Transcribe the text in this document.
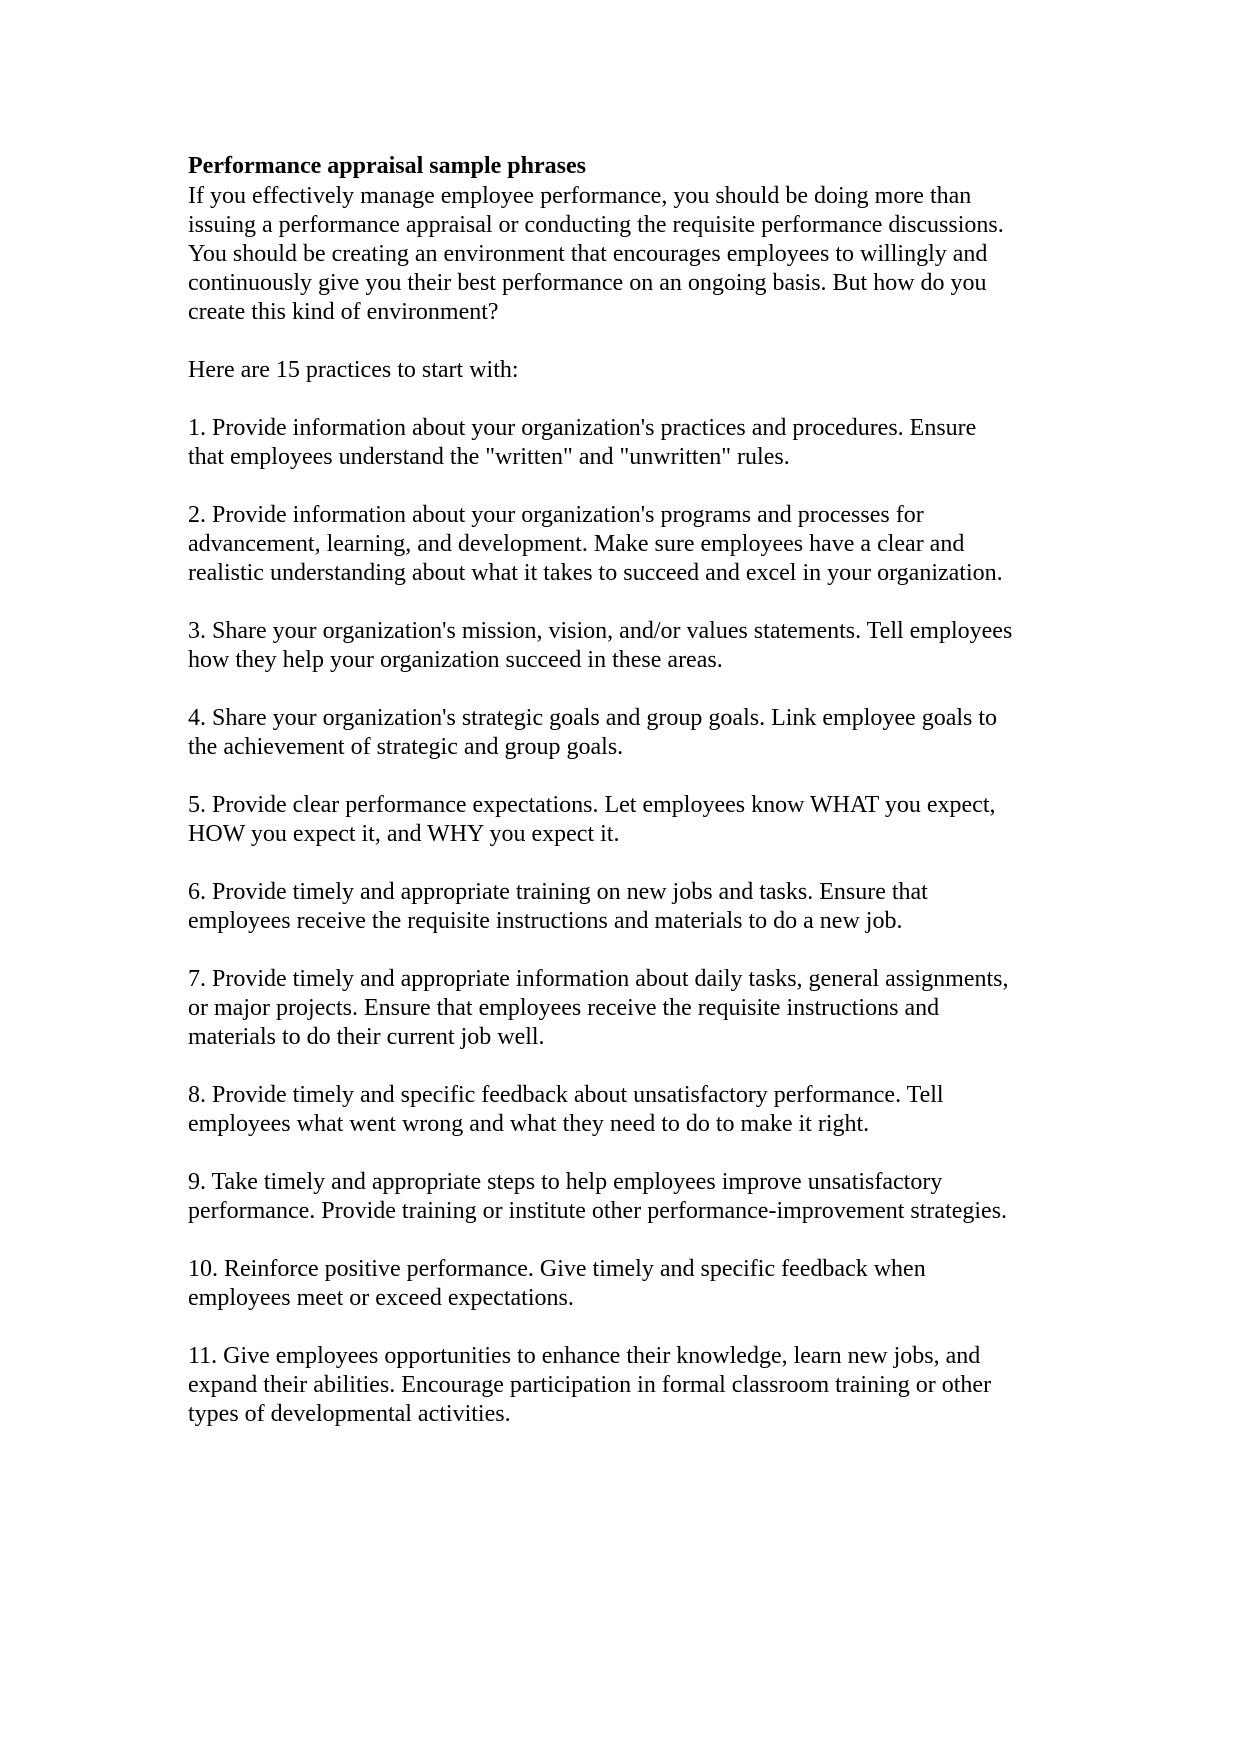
Performance appraisal sample phrases
If you effectively manage employee performance, you should be doing more than
issuing a performance appraisal or conducting the requisite performance discussions.
You should be creating an environment that encourages employees to willingly and
continuously give you their best performance on an ongoing basis. But how do you
create this kind of environment?
Here are 15 practices to start with:
1. Provide information about your organization's practices and procedures. Ensure
that employees understand the "written" and "unwritten" rules.
2. Provide information about your organization's programs and processes for
advancement, learning, and development. Make sure employees have a clear and
realistic understanding about what it takes to succeed and excel in your organization.
3. Share your organization's mission, vision, and/or values statements. Tell employees
how they help your organization succeed in these areas.
4. Share your organization's strategic goals and group goals. Link employee goals to
the achievement of strategic and group goals.
5. Provide clear performance expectations. Let employees know WHAT you expect,
HOW you expect it, and WHY you expect it.
6. Provide timely and appropriate training on new jobs and tasks. Ensure that
employees receive the requisite instructions and materials to do a new job.
7. Provide timely and appropriate information about daily tasks, general assignments,
or major projects. Ensure that employees receive the requisite instructions and
materials to do their current job well.
8. Provide timely and specific feedback about unsatisfactory performance. Tell
employees what went wrong and what they need to do to make it right.
9. Take timely and appropriate steps to help employees improve unsatisfactory
performance. Provide training or institute other performance-improvement strategies.
10. Reinforce positive performance. Give timely and specific feedback when
employees meet or exceed expectations.
11. Give employees opportunities to enhance their knowledge, learn new jobs, and
expand their abilities. Encourage participation in formal classroom training or other
types of developmental activities.
